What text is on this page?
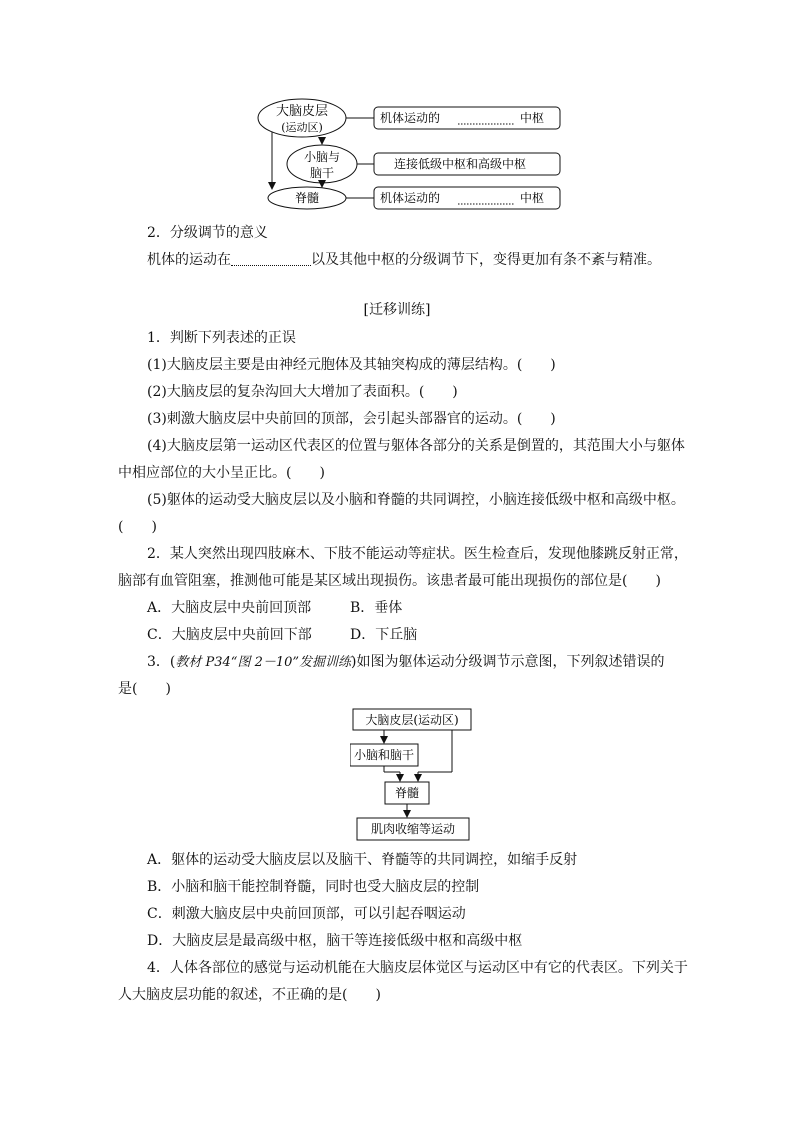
大脑皮层
(运动区)
小脑与
脑干
脊髓
机体运动的	中枢
连接低级中枢和高级中枢
机体运动的	中枢
2．分级调节的意义
机体的运动在	以及其他中枢的分级调节下，变得更加有条不紊与精准。
[迁移训练]
1．判断下列表述的正误
(1)大脑皮层主要是由神经元胞体及其轴突构成的薄层结构。(　　)
(2)大脑皮层的复杂沟回大大增加了表面积。(　　)
(3)刺激大脑皮层中央前回的顶部，会引起头部器官的运动。(　　)
(4)大脑皮层第一运动区代表区的位置与躯体各部分的关系是倒置的，其范围大小与躯体
中相应部位的大小呈正比。(　　)
(5)躯体的运动受大脑皮层以及小脑和脊髓的共同调控，小脑连接低级中枢和高级中枢。
(　　)
2．某人突然出现四肢麻木、下肢不能运动等症状。医生检查后，发现他膝跳反射正常，
脑部有血管阻塞，推测他可能是某区域出现损伤。该患者最可能出现损伤的部位是(　　)
A．大脑皮层中央前回顶部	B．垂体
C．大脑皮层中央前回下部	D．下丘脑
3．(教材 P34“图 2－10”发掘训练)如图为躯体运动分级调节示意图，下列叙述错误的
是(　　)
大脑皮层(运动区)
小脑和脑干
脊髓
肌肉收缩等运动
A．躯体的运动受大脑皮层以及脑干、脊髓等的共同调控，如缩手反射
B．小脑和脑干能控制脊髓，同时也受大脑皮层的控制
C．刺激大脑皮层中央前回顶部，可以引起吞咽运动
D．大脑皮层是最高级中枢，脑干等连接低级中枢和高级中枢
4．人体各部位的感觉与运动机能在大脑皮层体觉区与运动区中有它的代表区。下列关于
人大脑皮层功能的叙述，不正确的是(　　)
